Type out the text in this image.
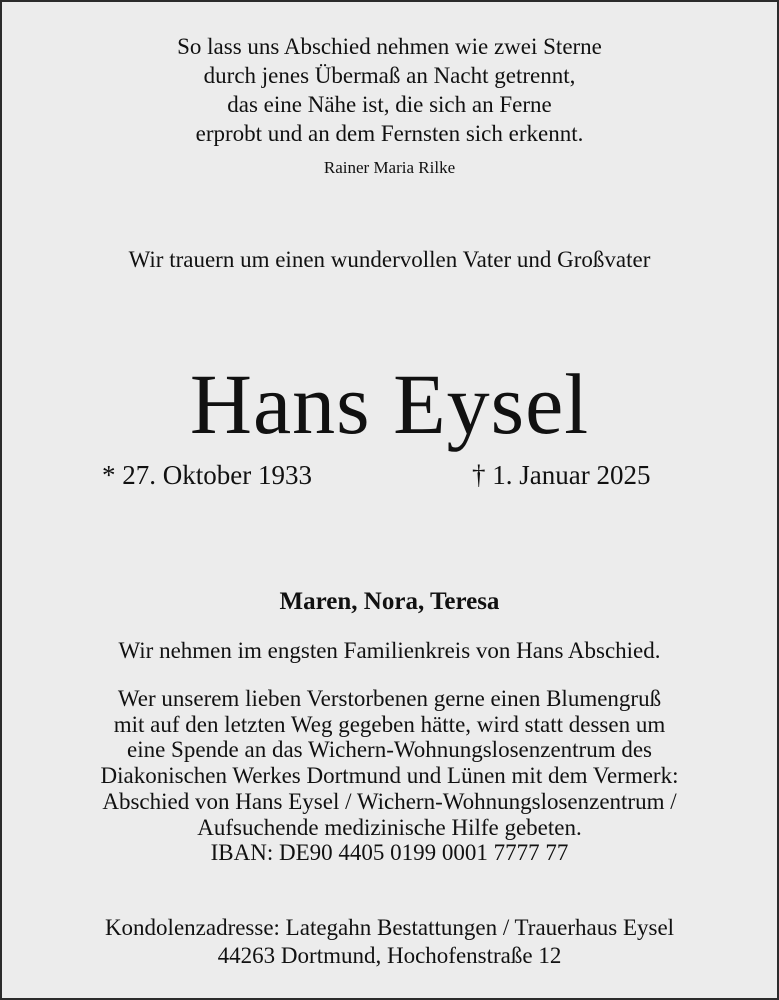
So lass uns Abschied nehmen wie zwei Sterne
durch jenes Übermaß an Nacht getrennt,
das eine Nähe ist, die sich an Ferne
erprobt und an dem Fernsten sich erkennt.
Rainer Maria Rilke
Wir trauern um einen wundervollen Vater und Großvater
Hans Eysel
* 27. Oktober 1933	† 1. Januar 2025
Maren, Nora, Teresa
Wir nehmen im engsten Familienkreis von Hans Abschied.
Wer unserem lieben Verstorbenen gerne einen Blumengruß
mit auf den letzten Weg gegeben hätte, wird statt dessen um
eine Spende an das Wichern-Wohnungslosenzentrum des
Diakonischen Werkes Dortmund und Lünen mit dem Vermerk:
Abschied von Hans Eysel / Wichern-Wohnungslosenzentrum /
Aufsuchende medizinische Hilfe gebeten.
IBAN: DE90 4405 0199 0001 7777 77
Kondolenzadresse: Lategahn Bestattungen / Trauerhaus Eysel
44263 Dortmund, Hochofenstraße 12
